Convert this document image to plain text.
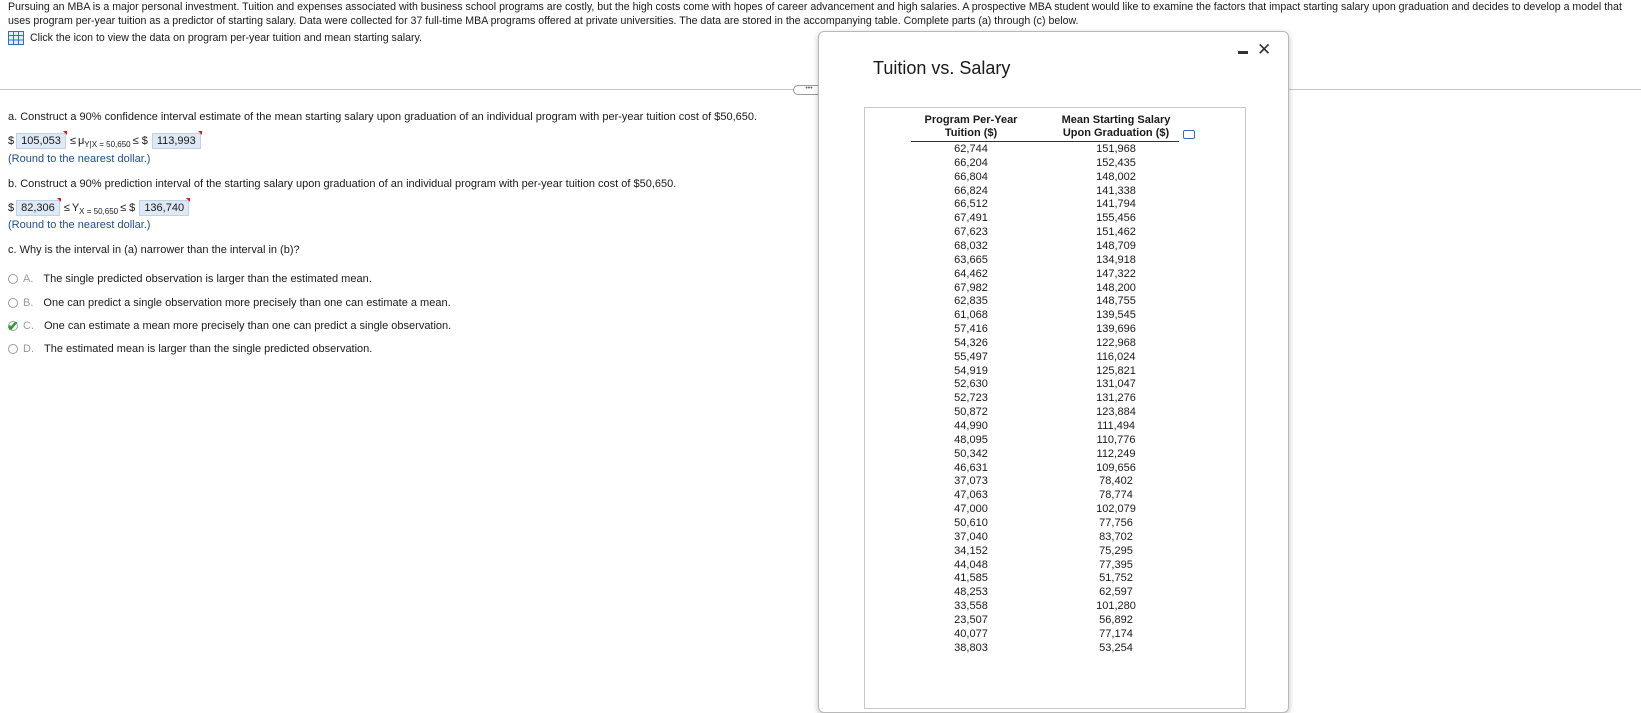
Pursuing an MBA is a major personal investment. Tuition and expenses associated with business school programs are costly, but the high costs come with hopes of career advancement and high salaries. A prospective MBA student would like to examine the factors that impact starting salary upon graduation and decides to develop a model that uses program per-year tuition as a predictor of starting salary. Data were collected for 37 full-time MBA programs offered at private universities. The data are stored in the accompanying table. Complete parts (a) through (c) below.
Click the icon to view the data on program per-year tuition and mean starting salary.
•••
a. Construct a 90% confidence interval estimate of the mean starting salary upon graduation of an individual program with per-year tuition cost of $50,650.
$ 105,053 ≤ μ Y|X = 50,650 ≤ $ 113,993
(Round to the nearest dollar.)
b. Construct a 90% prediction interval of the starting salary upon graduation of an individual program with per-year tuition cost of $50,650.
$ 82,306 ≤ Y X = 50,650 ≤ $ 136,740
(Round to the nearest dollar.)
c. Why is the interval in (a) narrower than the interval in (b)?
A. The single predicted observation is larger than the estimated mean.
B. One can predict a single observation more precisely than one can estimate a mean.
✔ C. One can estimate a mean more precisely than one can predict a single observation.
D. The estimated mean is larger than the single predicted observation.
Tuition vs. Salary
✕
Program Per-Year Tuition ($)
Mean Starting Salary Upon Graduation ($)
62,744	151,968
66,204	152,435
66,804	148,002
66,824	141,338
66,512	141,794
67,491	155,456
67,623	151,462
68,032	148,709
63,665	134,918
64,462	147,322
67,982	148,200
62,835	148,755
61,068	139,545
57,416	139,696
54,326	122,968
55,497	116,024
54,919	125,821
52,630	131,047
52,723	131,276
50,872	123,884
44,990	111,494
48,095	110,776
50,342	112,249
46,631	109,656
37,073	78,402
47,063	78,774
47,000	102,079
50,610	77,756
37,040	83,702
34,152	75,295
44,048	77,395
41,585	51,752
48,253	62,597
33,558	101,280
23,507	56,892
40,077	77,174
38,803	53,254
